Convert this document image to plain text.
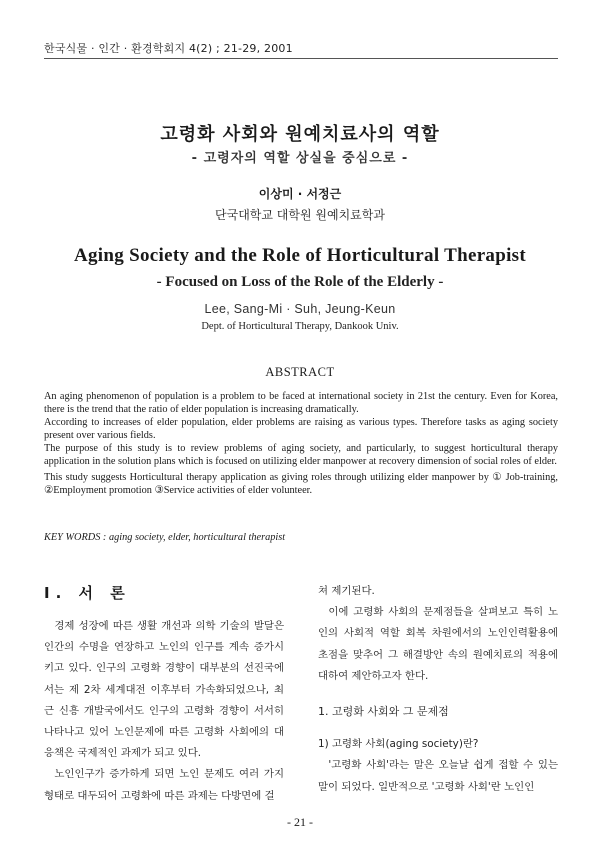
한국식물 · 인간 · 환경학회지 4(2) ; 21-29, 2001
고령화 사회와 원예치료사의 역할
- 고령자의 역할 상실을 중심으로 -
이상미 · 서정근
단국대학교 대학원 원예치료학과
Aging Society and the Role of Horticultural Therapist
- Focused on Loss of the Role of the Elderly -
Lee, Sang-Mi · Suh, Jeung-Keun
Dept. of Horticultural Therapy, Dankook Univ.
ABSTRACT

An aging phenomenon of population is a problem to be faced at international society in 21st the century. Even for Korea, there is the trend that the ratio of elder population is increasing dramatically.

According to increases of elder population, elder problems are raising as various types. Therefore tasks as aging society present over various fields.

The purpose of this study is to review problems of aging society, and particularly, to suggest horticultural therapy application in the solution plans which is focused on utilizing elder manpower at recovery dimension of social roles of elder.

This study suggests Horticultural therapy application as giving roles through utilizing elder manpower by ① Job-training, ②Employment promotion ③Service activities of elder volunteer.

KEY WORDS : aging society, elder, horticultural therapist
Ⅰ. 서 론

경제 성장에 따른 생활 개선과 의학 기술의 발달은 인간의 수명을 연장하고 노인의 인구를 계속 증가시키고 있다. 인구의 고령화 경향이 대부분의 선진국에서는 제 2차 세계대전 이후부터 가속화되었으나, 최근 신흥 개발국에서도 인구의 고령화 경향이 서서히 나타나고 있어 노인문제에 따른 고령화 사회에의 대응책은 국제적인 과제가 되고 있다.

노인인구가 증가하게 되면 노인 문제도 여러 가지 형태로 대두되어 고령화에 따른 과제는 다방면에 걸

쳐 제기된다.

이에 고령화 사회의 문제점들을 살펴보고 특히 노인의 사회적 역할 회복 차원에서의 노인인력활용에 초점을 맞추어 그 해결방안 속의 원예치료의 적용에 대하여 제안하고자 한다.

1. 고령화 사회와 그 문제점

1) 고령화 사회(aging society)란?

'고령화 사회'라는 말은 오늘날 쉽게 접할 수 있는 말이 되었다. 일반적으로 '고령화 사회'란 노인인

- 21 -
